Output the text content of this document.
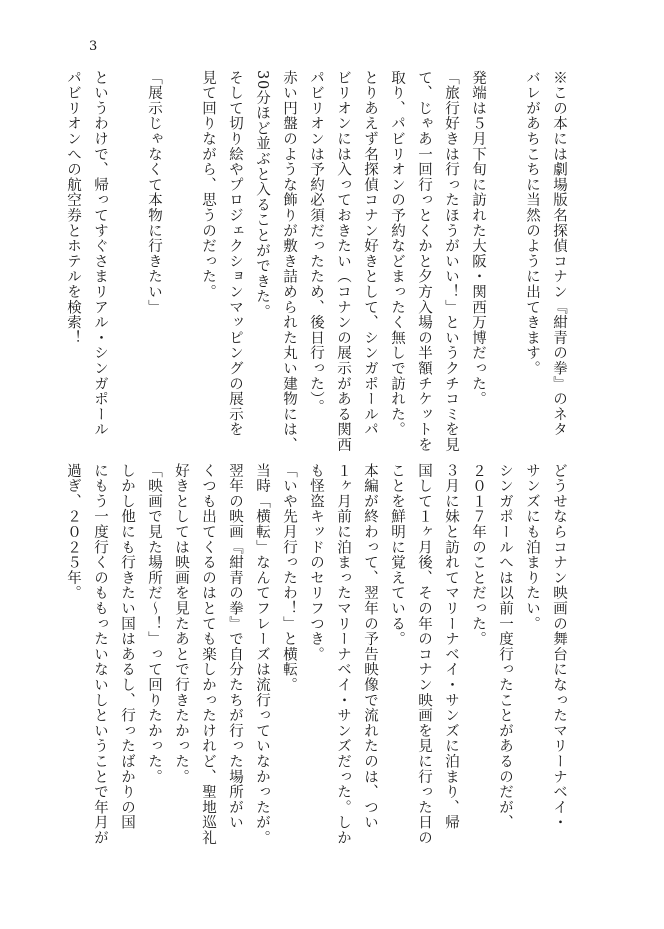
3
※この本には劇場版名探偵コナン『紺青の拳』のネタ
バレがあちこちに当然のように出てきます。

発端は５月下旬に訪れた大阪・関西万博だった。
「旅行好きは行ったほうがいい！」というクチコミを見
て、じゃあ一回行っとくかと夕方入場の半額チケットを
取り、パビリオンの予約などまったく無しで訪れた。
とりあえず名探偵コナン好きとして、シンガポールパ
ビリオンには入っておきたい（コナンの展示がある関西
パビリオンは予約必須だったため、後日行った）。
赤い円盤のような飾りが敷き詰められた丸い建物には、
30分ほど並ぶと入ることができた。
そして切り絵やプロジェクションマッピングの展示を
見て回りながら、思うのだった。

「展示じゃなくて本物に行きたい」

というわけで、帰ってすぐさまリアル・シンガポール
パビリオンへの航空券とホテルを検索！
どうせならコナン映画の舞台になったマリーナベイ・
サンズにも泊まりたい。
シンガポールへは以前一度行ったことがあるのだが、
２０１７年のことだった。
３月に妹と訪れてマリーナベイ・サンズに泊まり、帰
国して１ヶ月後、その年のコナン映画を見に行った日の
ことを鮮明に覚えている。
本編が終わって、翌年の予告映像で流れたのは、つい
１ヶ月前に泊まったマリーナベイ・サンズだった。しか
も怪盗キッドのセリフつき。
「いや先月行ったわ！」と横転。
当時「横転」なんてフレーズは流行っていなかったが。
翌年の映画『紺青の拳』で自分たちが行った場所がい
くつも出てくるのはとても楽しかったけれど、聖地巡礼
好きとしては映画を見たあとで行きたかった。
「映画で見た場所だ〜！」って回りたかった。
しかし他にも行きたい国はあるし、行ったばかりの国
にもう一度行くのももったいないしということで年月が
過ぎ、２０２５年。
